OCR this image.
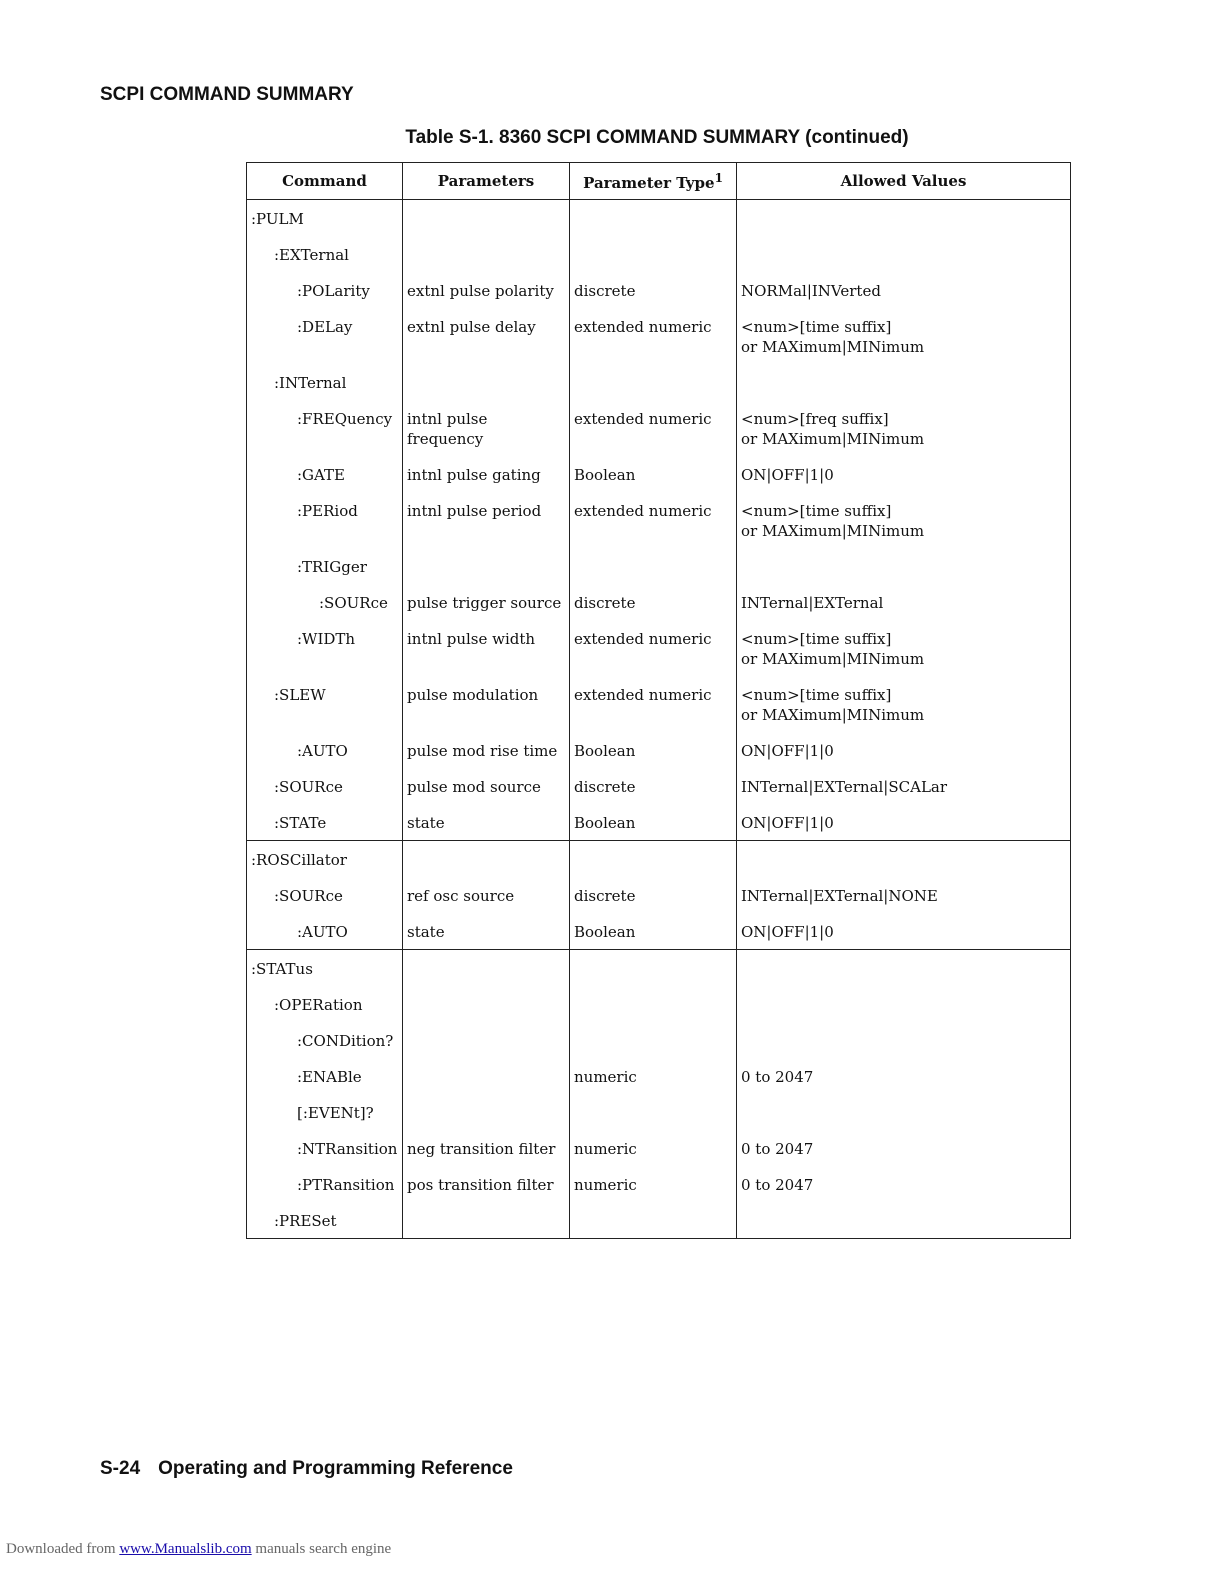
SCPI COMMAND SUMMARY
Table S-1. 8360 SCPI COMMAND SUMMARY (continued)
Command	Parameters	Parameter Type$^1$	Allowed Values
:PULM			

:EXTernal			

:POLarity	extnl pulse polarity	discrete	NORMal|INVerted

:DELay	extnl pulse delay	extended numeric	<num>[time suffix]
or MAXimum|MINimum

:INTernal			

:FREQuency	intnl pulse frequency	extended numeric	<num>[freq suffix]
or MAXimum|MINimum

:GATE	intnl pulse gating	Boolean	ON|OFF|1|0

:PERiod	intnl pulse period	extended numeric	<num>[time suffix]
or MAXimum|MINimum

:TRIGger			

:SOURce	pulse trigger source	discrete	INTernal|EXTernal

:WIDTh	intnl pulse width	extended numeric	<num>[time suffix]
or MAXimum|MINimum

:SLEW	pulse modulation	extended numeric	<num>[time suffix]
or MAXimum|MINimum

:AUTO	pulse mod rise time	Boolean	ON|OFF|1|0

:SOURce	pulse mod source	discrete	INTernal|EXTernal|SCALar

:STATe	state	Boolean	ON|OFF|1|0

:ROSCillator			

:SOURce	ref osc source	discrete	INTernal|EXTernal|NONE

:AUTO	state	Boolean	ON|OFF|1|0

:STATus			

:OPERation			

:CONDition?			

:ENABle		numeric	0 to 2047

[:EVENt]?			

:NTRansition	neg transition filter	numeric	0 to 2047

:PTRansition	pos transition filter	numeric	0 to 2047

:PRESet			
S-24 Operating and Programming Reference
Downloaded from www.Manualslib.com manuals search engine
